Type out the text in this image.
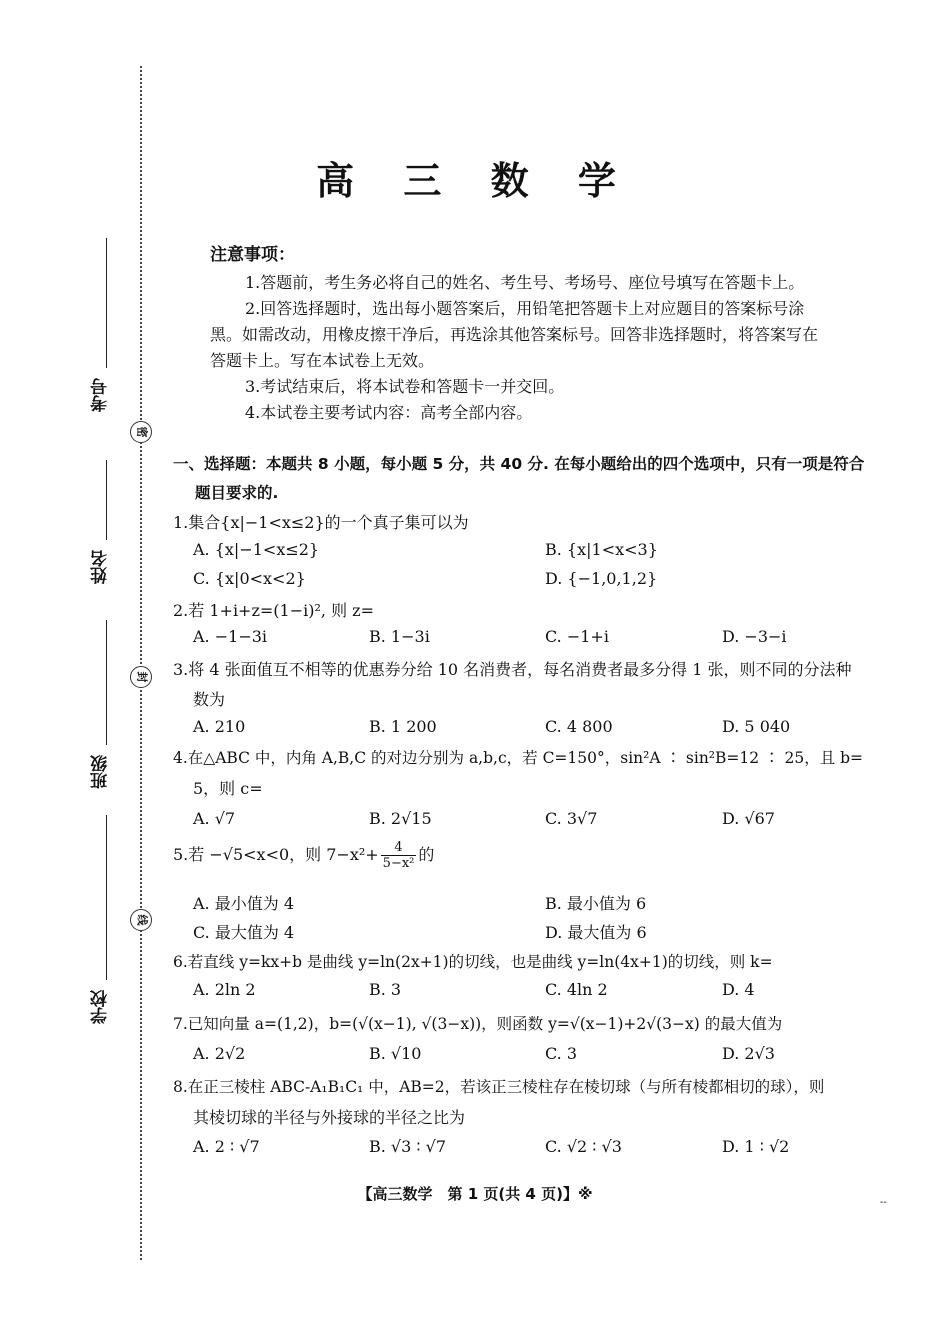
考号
姓名
班级
学校
密
封
线
高 三 数 学
注意事项：
1.答题前，考生务必将自己的姓名、考生号、考场号、座位号填写在答题卡上。
2.回答选择题时，选出每小题答案后，用铅笔把答题卡上对应题目的答案标号涂
黑。如需改动，用橡皮擦干净后，再选涂其他答案标号。回答非选择题时，将答案写在
答题卡上。写在本试卷上无效。
3.考试结束后，将本试卷和答题卡一并交回。
4.本试卷主要考试内容：高考全部内容。
一、选择题：本题共 8 小题，每小题 5 分，共 40 分. 在每小题给出的四个选项中，只有一项是符合
题目要求的.
1.集合{x|−1<x≤2}的一个真子集可以为
A. {x|−1<x≤2}	B. {x|1<x<3}
C. {x|0<x<2}	D. {−1,0,1,2}
2.若 1+i+z=(1−i)², 则 z=
A. −1−3i	B. 1−3i	C. −1+i	D. −3−i
3.将 4 张面值互不相等的优惠券分给 10 名消费者，每名消费者最多分得 1 张，则不同的分法种
数为
A. 210	B. 1 200	C. 4 800	D. 5 040
4.在△ABC 中，内角 A,B,C 的对边分别为 a,b,c，若 C=150°，sin²A ∶ sin²B=12 ∶ 25，且 b=
5，则 c=
A. √7	B. 2√15	C. 3√7	D. √67
5.若 −√5<x<0，则 $7-x^2+ \frac{4}{\text{5−x²}}$ 的
A. 最小值为 4	B. 最小值为 6
C. 最大值为 4	D. 最大值为 6
6.若直线 y=kx+b 是曲线 y=ln(2x+1)的切线，也是曲线 y=ln(4x+1)的切线，则 k=
A. 2ln 2	B. 3	C. 4ln 2	D. 4
7.已知向量 a=(1,2)，b=(√(x−1), √(3−x))，则函数 y=√(x−1)+2√(3−x) 的最大值为
A. 2√2	B. √10	C. 3	D. 2√3
8.在正三棱柱 ABC-A₁B₁C₁ 中，AB=2，若该正三棱柱存在棱切球（与所有棱都相切的球），则
其棱切球的半径与外接球的半径之比为
A. 2 ∶ √7	B. √3 ∶ √7	C. √2 ∶ √3	D. 1 ∶ √2
【高三数学　第 1 页(共 4 页)】※	--
